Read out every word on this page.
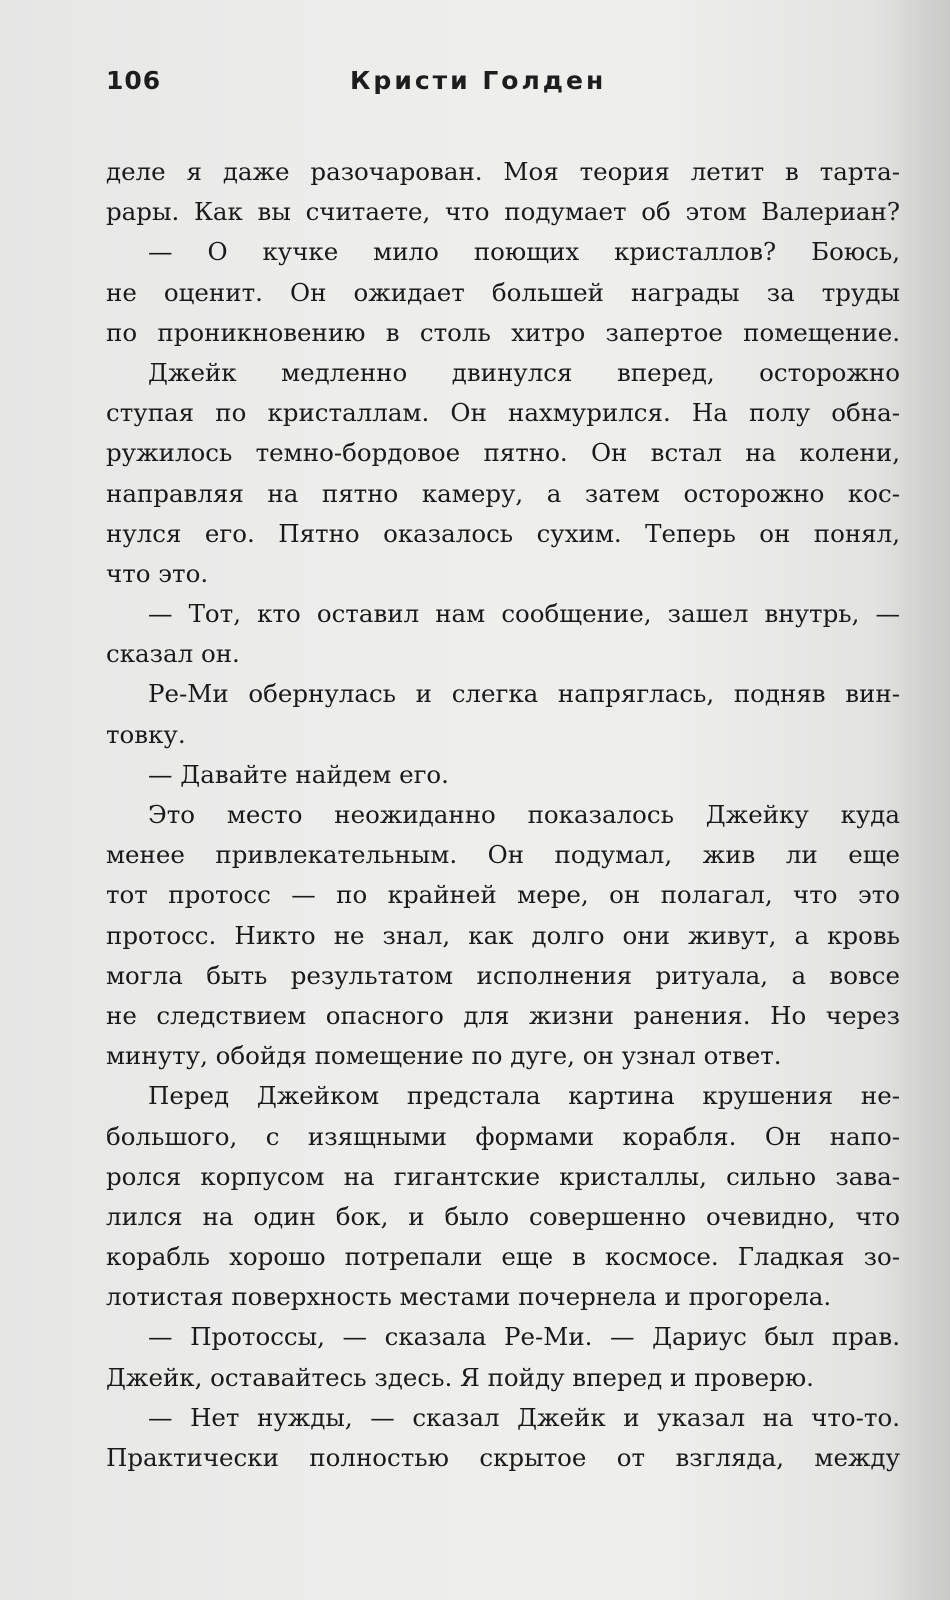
106	Кристи Голден
деле я даже разочарован. Моя теория летит в тарта-
рары. Как вы считаете, что подумает об этом Валериан?
— О кучке мило поющих кристаллов? Боюсь,
не оценит. Он ожидает большей награды за труды
по проникновению в столь хитро запертое помещение.
Джейк медленно двинулся вперед, осторожно
ступая по кристаллам. Он нахмурился. На полу обна-
ружилось темно-бордовое пятно. Он встал на колени,
направляя на пятно камеру, а затем осторожно кос-
нулся его. Пятно оказалось сухим. Теперь он понял,
что это.
— Тот, кто оставил нам сообщение, зашел внутрь, —
сказал он.
Ре-Ми обернулась и слегка напряглась, подняв вин-
товку.
— Давайте найдем его.
Это место неожиданно показалось Джейку куда
менее привлекательным. Он подумал, жив ли еще
тот протосс — по крайней мере, он полагал, что это
протосс. Никто не знал, как долго они живут, а кровь
могла быть результатом исполнения ритуала, а вовсе
не следствием опасного для жизни ранения. Но через
минуту, обойдя помещение по дуге, он узнал ответ.
Перед Джейком предстала картина крушения не-
большого, с изящными формами корабля. Он напо-
ролся корпусом на гигантские кристаллы, сильно зава-
лился на один бок, и было совершенно очевидно, что
корабль хорошо потрепали еще в космосе. Гладкая зо-
лотистая поверхность местами почернела и прогорела.
— Протоссы, — сказала Ре-Ми. — Дариус был прав.
Джейк, оставайтесь здесь. Я пойду вперед и проверю.
— Нет нужды, — сказал Джейк и указал на что-то.
Практически полностью скрытое от взгляда, между
